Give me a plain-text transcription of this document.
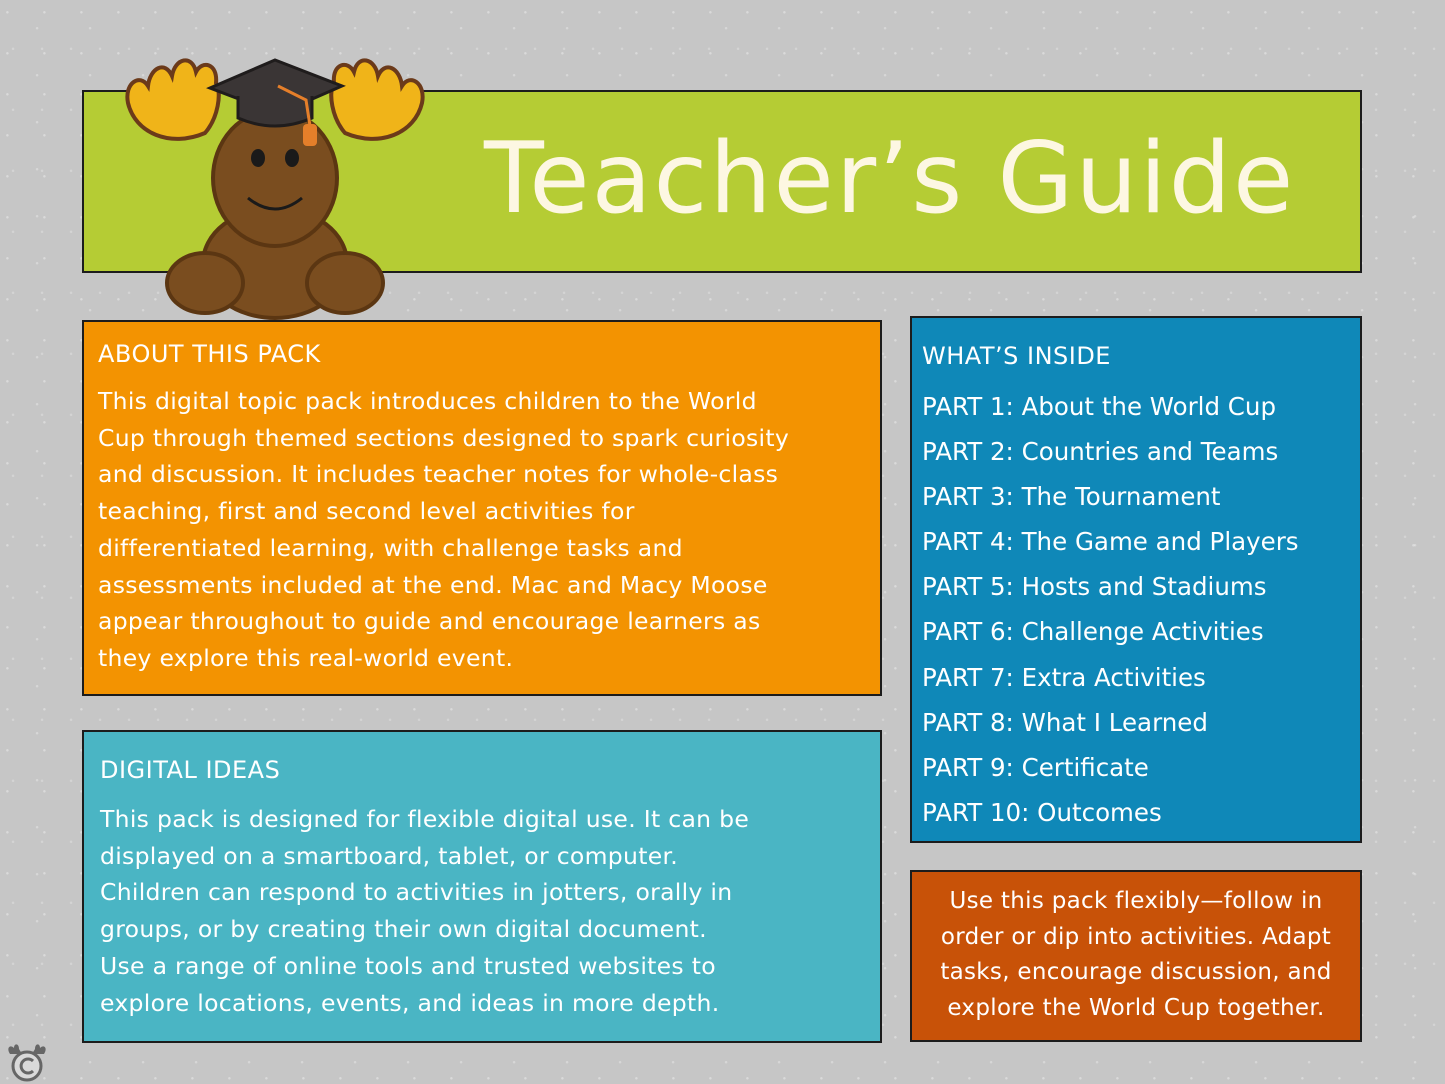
Teacher’s Guide
ABOUT THIS PACK
This digital topic pack introduces children to the World
Cup through themed sections designed to spark curiosity
and discussion. It includes teacher notes for whole-class
teaching, first and second level activities for
differentiated learning, with challenge tasks and
assessments included at the end. Mac and Macy Moose
appear throughout to guide and encourage learners as
they explore this real-world event.
DIGITAL IDEAS
This pack is designed for flexible digital use. It can be
displayed on a smartboard, tablet, or computer.
Children can respond to activities in jotters, orally in
groups, or by creating their own digital document.
Use a range of online tools and trusted websites to
explore locations, events, and ideas in more depth.
WHAT’S INSIDE
PART 1: About the World Cup
PART 2: Countries and Teams
PART 3: The Tournament
PART 4: The Game and Players
PART 5: Hosts and Stadiums
PART 6: Challenge Activities
PART 7: Extra Activities
PART 8: What I Learned
PART 9: Certificate
PART 10: Outcomes
Use this pack flexibly—follow in
order or dip into activities. Adapt
tasks, encourage discussion, and
explore the World Cup together.
